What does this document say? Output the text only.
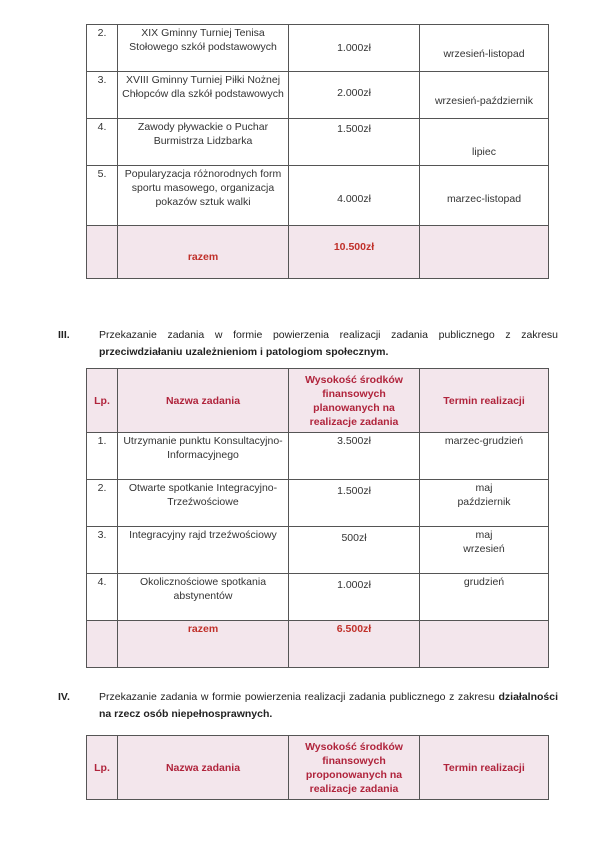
2.	XIX Gminny Turniej Tenisa Stołowego szkół podstawowych	1.000zł	wrzesień-listopad
3.	XVIII Gminny Turniej Piłki Nożnej Chłopców dla szkół podstawowych	2.000zł	wrzesień-październik
4.	Zawody pływackie o Puchar Burmistrza Lidzbarka	1.500zł	lipiec
5.	Popularyzacja różnorodnych form sportu masowego, organizacja pokazów sztuk walki	4.000zł	marzec-listopad
	razem	10.500zł	
III.	Przekazanie zadania w formie powierzenia realizacji zadania publicznego z zakresu przeciwdziałaniu uzależnieniom i patologiom społecznym.
Lp.	Nazwa zadania	Wysokość środków finansowych planowanych na realizacje zadania	Termin realizacji
1.	Utrzymanie punktu Konsultacyjno- Informacyjnego	3.500zł	marzec-grudzień
2.	Otwarte spotkanie Integracyjno- Trzeźwościowe	1.500zł	maj
październik
3.	Integracyjny rajd trzeźwościowy	500zł	maj
wrzesień
4.	Okolicznościowe spotkania abstynentów	1.000zł	grudzień
	razem	6.500zł	
IV.	Przekazanie zadania w formie powierzenia realizacji zadania publicznego z zakresu działalności na rzecz osób niepełnosprawnych.
Lp.	Nazwa zadania	Wysokość środków finansowych proponowanych na realizacje zadania	Termin realizacji
